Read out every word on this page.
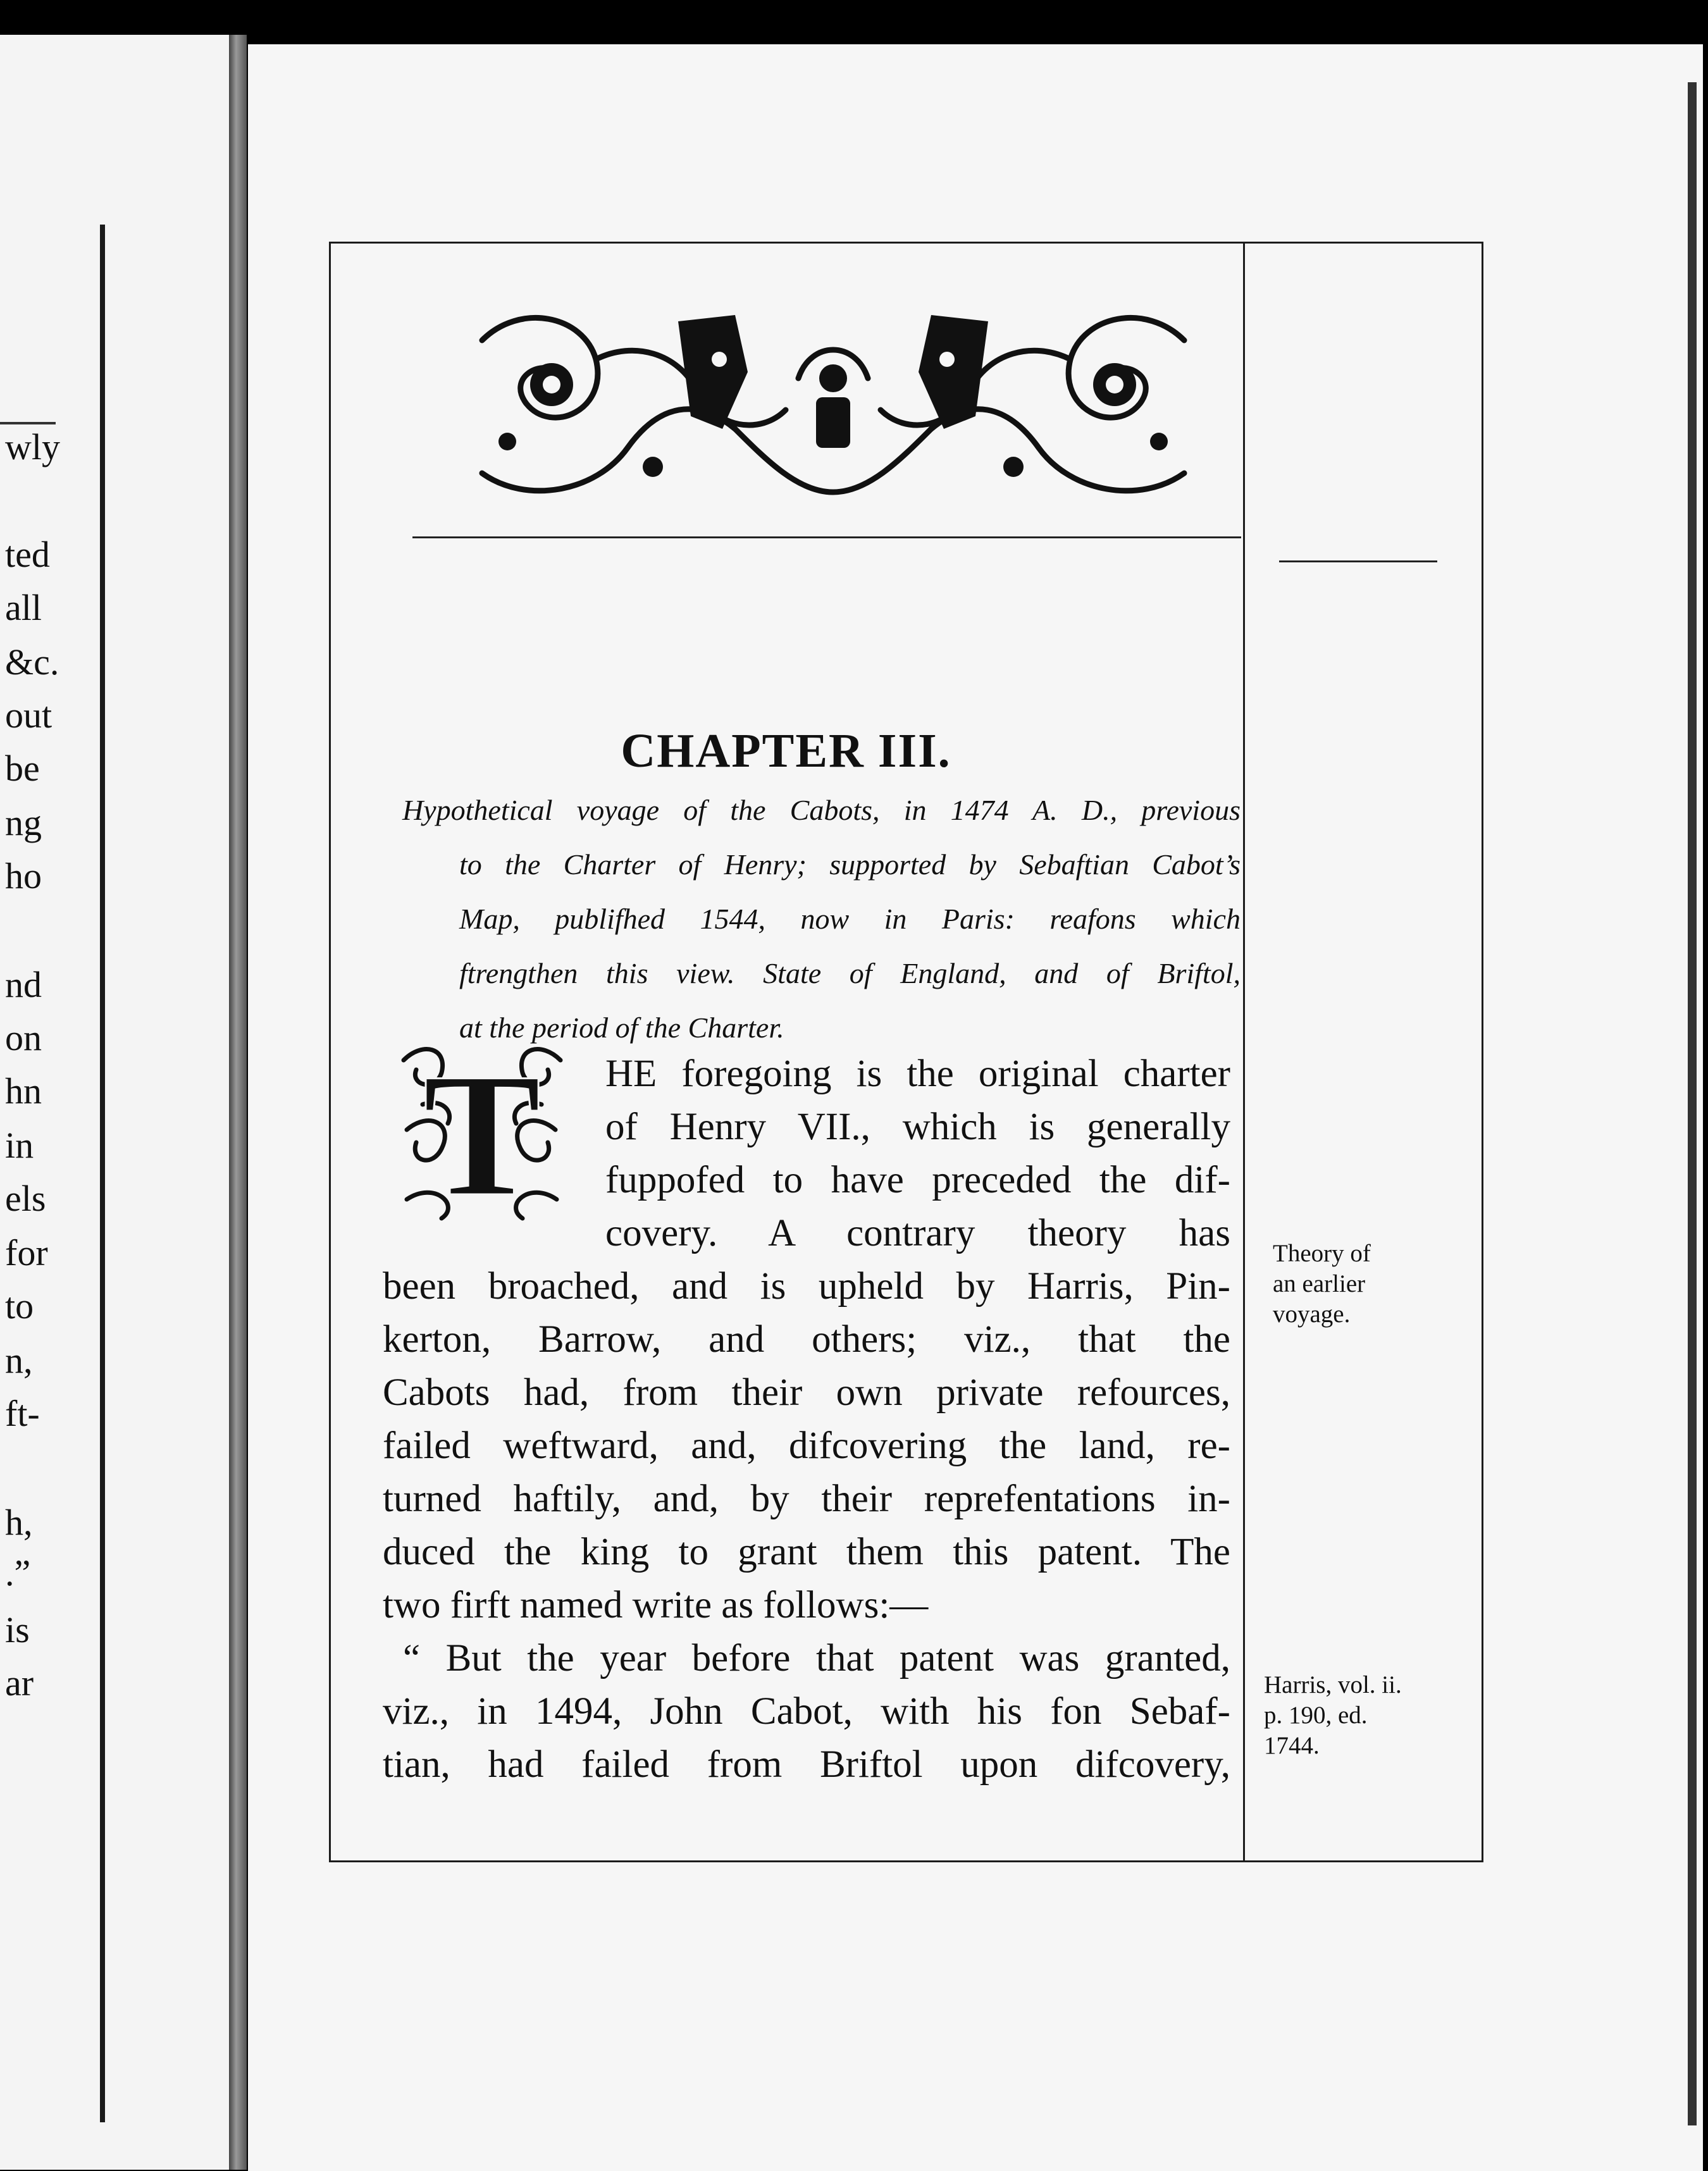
wly
ted
all
&c.
out
be
ng
ho
nd
on
hn
in
els
for
to
n,
ft-
h,
.”
is
ar
CHAPTER III.
Hypothetical voyage of the Cabots, in 1474 A. D., previous
to the Charter of Henry; supported by Sebaftian Cabot’s
Map, publifhed 1544, now in Paris: reafons which
ftrengthen this view. State of England, and of Briftol,
at the period of the Charter.
T	HE foregoing is the original charter
of Henry VII., which is generally
fuppofed to have preceded the dif-
covery. A contrary theory has
been broached, and is upheld by Harris, Pin-
kerton, Barrow, and others; viz., that the
Cabots had, from their own private refources,
failed weftward, and, difcovering the land, re-
turned haftily, and, by their reprefentations in-
duced the king to grant them this patent. The
two firft named write as follows:—
“ But the year before that patent was granted,
viz., in 1494, John Cabot, with his fon Sebaf-
tian, had failed from Briftol upon difcovery,
Theory of
an earlier
voyage.
Harris, vol. ii.
p. 190, ed.
1744.
